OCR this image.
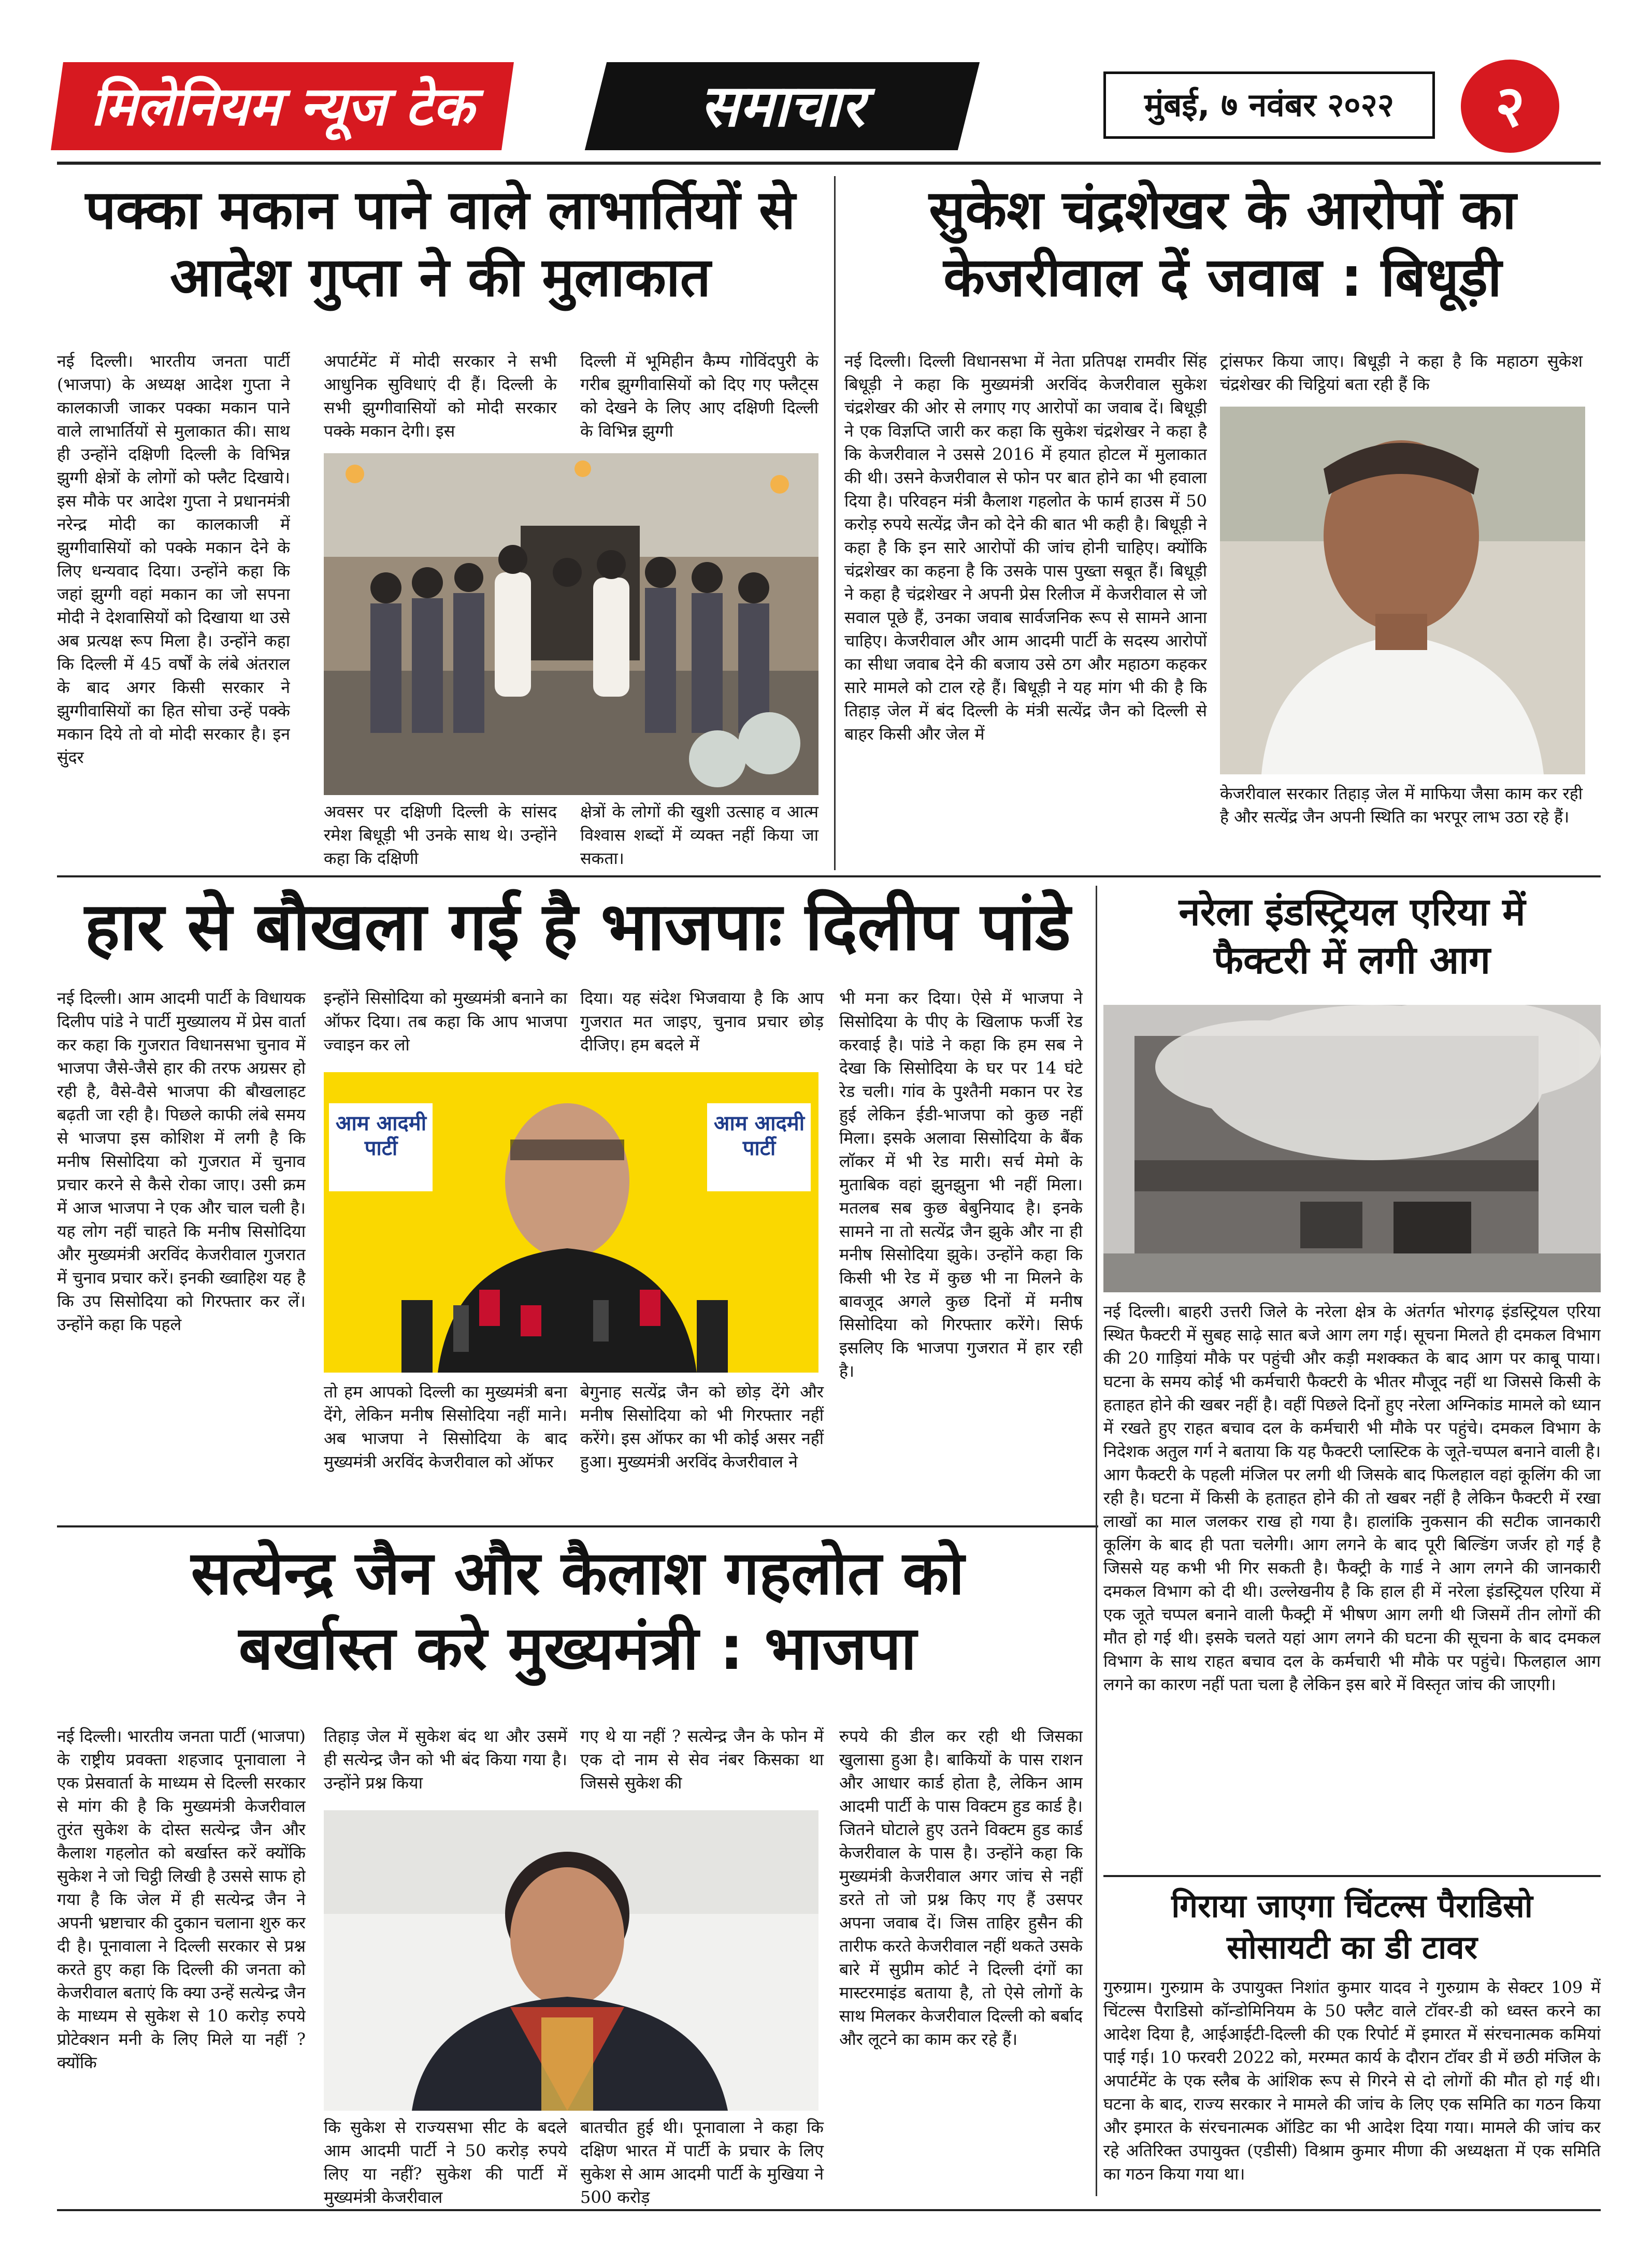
मिलेनियम न्यूज टेक	समाचार	मुंबई, ७ नवंबर २०२२	२
पक्का मकान पाने वाले लाभार्तियों से
आदेश गुप्ता ने की मुलाकात
नई दिल्ली। भारतीय जनता पार्टी (भाजपा) के अध्यक्ष आदेश गुप्ता ने कालकाजी जाकर पक्का मकान पाने वाले लाभार्तियों से मुलाकात की। साथ ही उन्होंने दक्षिणी दिल्ली के विभिन्न झुग्गी क्षेत्रों के लोगों को फ्लैट दिखाये। इस मौके पर आदेश गुप्ता ने प्रधानमंत्री नरेन्द्र मोदी का कालकाजी में झुग्गीवासियों को पक्के मकान देने के लिए धन्यवाद दिया। उन्होंने कहा कि जहां झुग्गी वहां मकान का जो सपना मोदी ने देशवासियों को दिखाया था उसे अब प्रत्यक्ष रूप मिला है। उन्होंने कहा कि दिल्ली में 45 वर्षों के लंबे अंतराल के बाद अगर किसी सरकार ने झुग्गीवासियों का हित सोचा उन्हें पक्के मकान दिये तो वो मोदी सरकार है। इन सुंदर
अपार्टमेंट में मोदी सरकार ने सभी आधुनिक सुविधाएं दी हैं। दिल्ली के सभी झुग्गीवासियों को मोदी सरकार पक्के मकान देगी। इस
दिल्ली में भूमिहीन कैम्प गोविंदपुरी के गरीब झुग्गीवासियों को दिए गए फ्लैट्स को देखने के लिए आए दक्षिणी दिल्ली के विभिन्न झुग्गी
अवसर पर दक्षिणी दिल्ली के सांसद रमेश बिधूड़ी भी उनके साथ थे। उन्होंने कहा कि दक्षिणी
क्षेत्रों के लोगों की खुशी उत्साह व आत्म विश्वास शब्दों में व्यक्त नहीं किया जा सकता।
सुकेश चंद्रशेखर के आरोपों का
केजरीवाल दें जवाब : बिधूड़ी
नई दिल्ली। दिल्ली विधानसभा में नेता प्रतिपक्ष रामवीर सिंह बिधूड़ी ने कहा कि मुख्यमंत्री अरविंद केजरीवाल सुकेश चंद्रशेखर की ओर से लगाए गए आरोपों का जवाब दें। बिधूड़ी ने एक विज्ञप्ति जारी कर कहा कि सुकेश चंद्रशेखर ने कहा है कि केजरीवाल ने उससे 2016 में हयात होटल में मुलाकात की थी। उसने केजरीवाल से फोन पर बात होने का भी हवाला दिया है। परिवहन मंत्री कैलाश गहलोत के फार्म हाउस में 50 करोड़ रुपये सत्येंद्र जैन को देने की बात भी कही है। बिधूड़ी ने कहा है कि इन सारे आरोपों की जांच होनी चाहिए। क्योंकि चंद्रशेखर का कहना है कि उसके पास पुख्ता सबूत हैं। बिधूड़ी ने कहा है चंद्रशेखर ने अपनी प्रेस रिलीज में केजरीवाल से जो सवाल पूछे हैं, उनका जवाब सार्वजनिक रूप से सामने आना चाहिए। केजरीवाल और आम आदमी पार्टी के सदस्य आरोपों का सीधा जवाब देने की बजाय उसे ठग और महाठग कहकर सारे मामले को टाल रहे हैं। बिधूड़ी ने यह मांग भी की है कि तिहाड़ जेल में बंद दिल्ली के मंत्री सत्येंद्र जैन को दिल्ली से बाहर किसी और जेल में
ट्रांसफर किया जाए। बिधूड़ी ने कहा है कि महाठग सुकेश चंद्रशेखर की चिट्ठियां बता रही हैं कि
केजरीवाल सरकार तिहाड़ जेल में माफिया जैसा काम कर रही है और सत्येंद्र जैन अपनी स्थिति का भरपूर लाभ उठा रहे हैं।
हार से बौखला गई है भाजपाः दिलीप पांडे
नई दिल्ली। आम आदमी पार्टी के विधायक दिलीप पांडे ने पार्टी मुख्यालय में प्रेस वार्ता कर कहा कि गुजरात विधानसभा चुनाव में भाजपा जैसे-जैसे हार की तरफ अग्रसर हो रही है, वैसे-वैसे भाजपा की बौखलाहट बढ़ती जा रही है। पिछले काफी लंबे समय से भाजपा इस कोशिश में लगी है कि मनीष सिसोदिया को गुजरात में चुनाव प्रचार करने से कैसे रोका जाए। उसी क्रम में आज भाजपा ने एक और चाल चली है। यह लोग नहीं चाहते कि मनीष सिसोदिया और मुख्यमंत्री अरविंद केजरीवाल गुजरात में चुनाव प्रचार करें। इनकी ख्वाहिश यह है कि उप सिसोदिया को गिरफ्तार कर लें। उन्होंने कहा कि पहले
इन्होंने सिसोदिया को मुख्यमंत्री बनाने का ऑफर दिया। तब कहा कि आप भाजपा ज्वाइन कर लो
दिया। यह संदेश भिजवाया है कि आप गुजरात मत जाइए, चुनाव प्रचार छोड़ दीजिए। हम बदले में
आम आदमी पार्टी
आम आदमी पार्टी
तो हम आपको दिल्ली का मुख्यमंत्री बना देंगे, लेकिन मनीष सिसोदिया नहीं माने। अब भाजपा ने सिसोदिया के बाद मुख्यमंत्री अरविंद केजरीवाल को ऑफर
बेगुनाह सत्येंद्र जैन को छोड़ देंगे और मनीष सिसोदिया को भी गिरफ्तार नहीं करेंगे। इस ऑफर का भी कोई असर नहीं हुआ। मुख्यमंत्री अरविंद केजरीवाल ने
भी मना कर दिया। ऐसे में भाजपा ने सिसोदिया के पीए के खिलाफ फर्जी रेड करवाई है। पांडे ने कहा कि हम सब ने देखा कि सिसोदिया के घर पर 14 घंटे रेड चली। गांव के पुश्तैनी मकान पर रेड हुई लेकिन ईडी-भाजपा को कुछ नहीं मिला। इसके अलावा सिसोदिया के बैंक लॉकर में भी रेड मारी। सर्च मेमो के मुताबिक वहां झुनझुना भी नहीं मिला। मतलब सब कुछ बेबुनियाद है। इनके सामने ना तो सत्येंद्र जैन झुके और ना ही मनीष सिसोदिया झुके। उन्होंने कहा कि किसी भी रेड में कुछ भी ना मिलने के बावजूद अगले कुछ दिनों में मनीष सिसोदिया को गिरफ्तार करेंगे। सिर्फ इसलिए कि भाजपा गुजरात में हार रही है।
नरेला इंडस्ट्रियल एरिया में
फैक्टरी में लगी आग
नई दिल्ली। बाहरी उत्तरी जिले के नरेला क्षेत्र के अंतर्गत भोरगढ़ इंडस्ट्रियल एरिया स्थित फैक्टरी में सुबह साढ़े सात बजे आग लग गई। सूचना मिलते ही दमकल विभाग की 20 गाड़ियां मौके पर पहुंची और कड़ी मशक्कत के बाद आग पर काबू पाया। घटना के समय कोई भी कर्मचारी फैक्टरी के भीतर मौजूद नहीं था जिससे किसी के हताहत होने की खबर नहीं है। वहीं पिछले दिनों हुए नरेला अग्निकांड मामले को ध्यान में रखते हुए राहत बचाव दल के कर्मचारी भी मौके पर पहुंचे। दमकल विभाग के निदेशक अतुल गर्ग ने बताया कि यह फैक्टरी प्लास्टिक के जूते-चप्पल बनाने वाली है। आग फैक्टरी के पहली मंजिल पर लगी थी जिसके बाद फिलहाल वहां कूलिंग की जा रही है। घटना में किसी के हताहत होने की तो खबर नहीं है लेकिन फैक्टरी में रखा लाखों का माल जलकर राख हो गया है। हालांकि नुकसान की सटीक जानकारी कूलिंग के बाद ही पता चलेगी। आग लगने के बाद पूरी बिल्डिंग जर्जर हो गई है जिससे यह कभी भी गिर सकती है। फैक्ट्री के गार्ड ने आग लगने की जानकारी दमकल विभाग को दी थी। उल्लेखनीय है कि हाल ही में नरेला इंडस्ट्रियल एरिया में एक जूते चप्पल बनाने वाली फैक्ट्री में भीषण आग लगी थी जिसमें तीन लोगों की मौत हो गई थी। इसके चलते यहां आग लगने की घटना की सूचना के बाद दमकल विभाग के साथ राहत बचाव दल के कर्मचारी भी मौके पर पहुंचे। फिलहाल आग लगने का कारण नहीं पता चला है लेकिन इस बारे में विस्तृत जांच की जाएगी।
गिराया जाएगा चिंटल्स पैराडिसो
सोसायटी का डी टावर
गुरुग्राम। गुरुग्राम के उपायुक्त निशांत कुमार यादव ने गुरुग्राम के सेक्टर 109 में चिंटल्स पैराडिसो कॉन्डोमिनियम के 50 फ्लैट वाले टॉवर-डी को ध्वस्त करने का आदेश दिया है, आईआईटी-दिल्ली की एक रिपोर्ट में इमारत में संरचनात्मक कमियां पाई गई। 10 फरवरी 2022 को, मरम्मत कार्य के दौरान टॉवर डी में छठी मंजिल के अपार्टमेंट के एक स्लैब के आंशिक रूप से गिरने से दो लोगों की मौत हो गई थी। घटना के बाद, राज्य सरकार ने मामले की जांच के लिए एक समिति का गठन किया और इमारत के संरचनात्मक ऑडिट का भी आदेश दिया गया। मामले की जांच कर रहे अतिरिक्त उपायुक्त (एडीसी) विश्राम कुमार मीणा की अध्यक्षता में एक समिति का गठन किया गया था।
सत्येन्द्र जैन और कैलाश गहलोत को
बर्खास्त करे मुख्यमंत्री : भाजपा
नई दिल्ली। भारतीय जनता पार्टी (भाजपा) के राष्ट्रीय प्रवक्ता शहजाद पूनावाला ने एक प्रेसवार्ता के माध्यम से दिल्ली सरकार से मांग की है कि मुख्यमंत्री केजरीवाल तुरंत सुकेश के दोस्त सत्येन्द्र जैन और कैलाश गहलोत को बर्खास्त करें क्योंकि सुकेश ने जो चिट्ठी लिखी है उससे साफ हो गया है कि जेल में ही सत्येन्द्र जैन ने अपनी भ्रष्टाचार की दुकान चलाना शुरु कर दी है। पूनावाला ने दिल्ली सरकार से प्रश्न करते हुए कहा कि दिल्ली की जनता को केजरीवाल बताएं कि क्या उन्हें सत्येन्द्र जैन के माध्यम से सुकेश से 10 करोड़ रुपये प्रोटेक्शन मनी के लिए मिले या नहीं ? क्योंकि
तिहाड़ जेल में सुकेश बंद था और उसमें ही सत्येन्द्र जैन को भी बंद किया गया है। उन्होंने प्रश्न किया
गए थे या नहीं ? सत्येन्द्र जैन के फोन में एक दो नाम से सेव नंबर किसका था जिससे सुकेश की
कि सुकेश से राज्यसभा सीट के बदले आम आदमी पार्टी ने 50 करोड़ रुपये लिए या नहीं? सुकेश की पार्टी में मुख्यमंत्री केजरीवाल
बातचीत हुई थी। पूनावाला ने कहा कि दक्षिण भारत में पार्टी के प्रचार के लिए सुकेश से आम आदमी पार्टी के मुखिया ने 500 करोड़
रुपये की डील कर रही थी जिसका खुलासा हुआ है। बाकियों के पास राशन और आधार कार्ड होता है, लेकिन आम आदमी पार्टी के पास विक्टम हुड कार्ड है। जितने घोटाले हुए उतने विक्टम हुड कार्ड केजरीवाल के पास है। उन्होंने कहा कि मुख्यमंत्री केजरीवाल अगर जांच से नहीं डरते तो जो प्रश्न किए गए हैं उसपर अपना जवाब दें। जिस ताहिर हुसैन की तारीफ करते केजरीवाल नहीं थकते उसके बारे में सुप्रीम कोर्ट ने दिल्ली दंगों का मास्टरमाइंड बताया है, तो ऐसे लोगों के साथ मिलकर केजरीवाल दिल्ली को बर्बाद और लूटने का काम कर रहे हैं।
